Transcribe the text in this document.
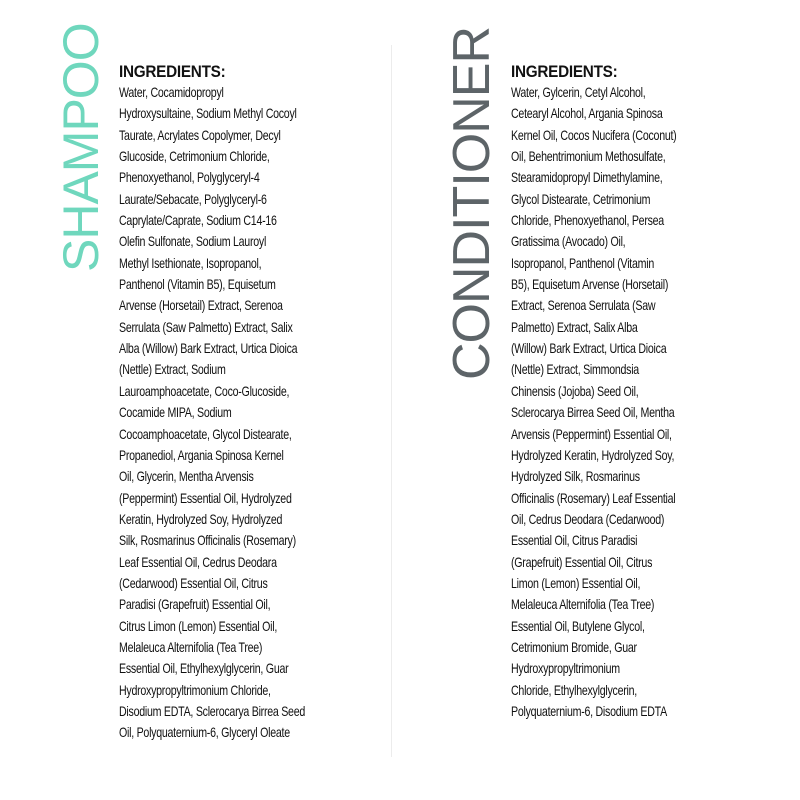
SHAMPOO INGREDIENTS:
Water, Cocamidopropyl
Hydroxysultaine, Sodium Methyl Cocoyl
Taurate, Acrylates Copolymer, Decyl
Glucoside, Cetrimonium Chloride,
Phenoxyethanol, Polyglyceryl-4
Laurate/Sebacate, Polyglyceryl-6
Caprylate/Caprate, Sodium C14-16
Olefin Sulfonate, Sodium Lauroyl
Methyl Isethionate, Isopropanol,
Panthenol (Vitamin B5), Equisetum
Arvense (Horsetail) Extract, Serenoa
Serrulata (Saw Palmetto) Extract, Salix
Alba (Willow) Bark Extract, Urtica Dioica
(Nettle) Extract, Sodium
Lauroamphoacetate, Coco-Glucoside,
Cocamide MIPA, Sodium
Cocoamphoacetate, Glycol Distearate,
Propanediol, Argania Spinosa Kernel
Oil, Glycerin, Mentha Arvensis
(Peppermint) Essential Oil, Hydrolyzed
Keratin, Hydrolyzed Soy, Hydrolyzed
Silk, Rosmarinus Officinalis (Rosemary)
Leaf Essential Oil, Cedrus Deodara
(Cedarwood) Essential Oil, Citrus
Paradisi (Grapefruit) Essential Oil,
Citrus Limon (Lemon) Essential Oil,
Melaleuca Alternifolia (Tea Tree)
Essential Oil, Ethylhexylglycerin, Guar
Hydroxypropyltrimonium Chloride,
Disodium EDTA, Sclerocarya Birrea Seed
Oil, Polyquaternium-6, Glyceryl Oleate
CONDITIONER INGREDIENTS:
Water, Gylcerin, Cetyl Alcohol,
Cetearyl Alcohol, Argania Spinosa
Kernel Oil, Cocos Nucifera (Coconut)
Oil, Behentrimonium Methosulfate,
Stearamidopropyl Dimethylamine,
Glycol Distearate, Cetrimonium
Chloride, Phenoxyethanol, Persea
Gratissima (Avocado) Oil,
Isopropanol, Panthenol (Vitamin
B5), Equisetum Arvense (Horsetail)
Extract, Serenoa Serrulata (Saw
Palmetto) Extract, Salix Alba
(Willow) Bark Extract, Urtica Dioica
(Nettle) Extract, Simmondsia
Chinensis (Jojoba) Seed Oil,
Sclerocarya Birrea Seed Oil, Mentha
Arvensis (Peppermint) Essential Oil,
Hydrolyzed Keratin, Hydrolyzed Soy,
Hydrolyzed Silk, Rosmarinus
Officinalis (Rosemary) Leaf Essential
Oil, Cedrus Deodara (Cedarwood)
Essential Oil, Citrus Paradisi
(Grapefruit) Essential Oil, Citrus
Limon (Lemon) Essential Oil,
Melaleuca Alternifolia (Tea Tree)
Essential Oil, Butylene Glycol,
Cetrimonium Bromide, Guar
Hydroxypropyltrimonium
Chloride, Ethylhexylglycerin,
Polyquaternium-6, Disodium EDTA
